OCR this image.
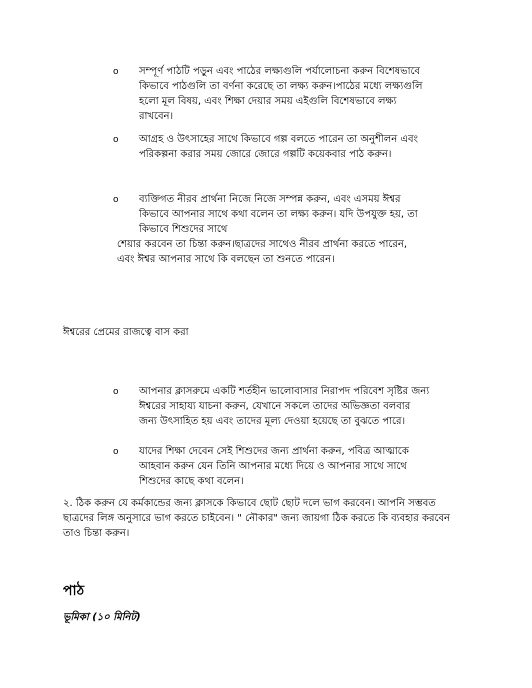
o সম্পূর্ণ পাঠটি পড়ুন এবং পাঠের লক্ষ্যগুলি পর্যালোচনা করুন বিশেষভাবে
কিভাবে পাঠগুলি তা বর্ণনা করেছে তা লক্ষ্য করুন।পাঠের মধ্যে লক্ষ্যগুলি
হলো মূল বিষয়, এবং শিক্ষা দেয়ার সময় এইগুলি বিশেষভাবে লক্ষ্য
রাখবেন।
o আগ্রহ ও উৎসাহের সাথে কিভাবে গল্প বলতে পারেন তা অনুশীলন এবং
পরিকল্পনা করার সময় জোরে জোরে গল্পটি কয়েকবার পাঠ করুন।
o ব্যক্তিগত নীরব প্রার্থনা নিজে নিজে সম্পন্ন করুন, এবং এসময় ঈশ্বর
কিভাবে আপনার সাথে কথা বলেন তা লক্ষ্য করুন। যদি উপযুক্ত হয়, তা
কিভাবে শিশুদের সাথে
শেয়ার করবেন তা চিন্তা করুন।ছাত্রদের সাথেও নীরব প্রার্থনা করতে পারেন,
এবং ঈশ্বর আপনার সাথে কি বলছেন তা শুনতে পারেন।
ঈশ্বরের প্রেমের রাজত্বে বাস করা
o আপনার ক্লাসরুমে একটি শর্তহীন ভালোবাসার নিরাপদ পরিবেশ সৃষ্টির জন্য
ঈশ্বরের সাহায্য যাচনা করুন, যেখানে সকলে তাদের অভিজ্ঞতা বলবার
জন্য উৎসাহিত হয় এবং তাদের মূল্য দেওয়া হয়েছে তা বুঝতে পারে।
o যাদের শিক্ষা দেবেন সেই শিশুদের জন্য প্রার্থনা করুন, পবিত্র আত্মাকে
আহবান করুন যেন তিনি আপনার মধ্যে দিয়ে ও আপনার সাথে সাথে
শিশুদের কাছে কথা বলেন।
২. ঠিক করুন যে কর্মকান্ডের জন্য ক্লাসকে কিভাবে ছোট ছোট দলে ভাগ করবেন। আপনি সম্ভবত
ছাত্রদের লিঙ্গ অনুসারে ভাগ করতে চাইবেন। " নৌকার" জন্য জায়গা ঠিক করতে কি ব্যবহার করবেন
তাও চিন্তা করুন।
পাঠ
ভূমিকা (১০ মিনিট)
